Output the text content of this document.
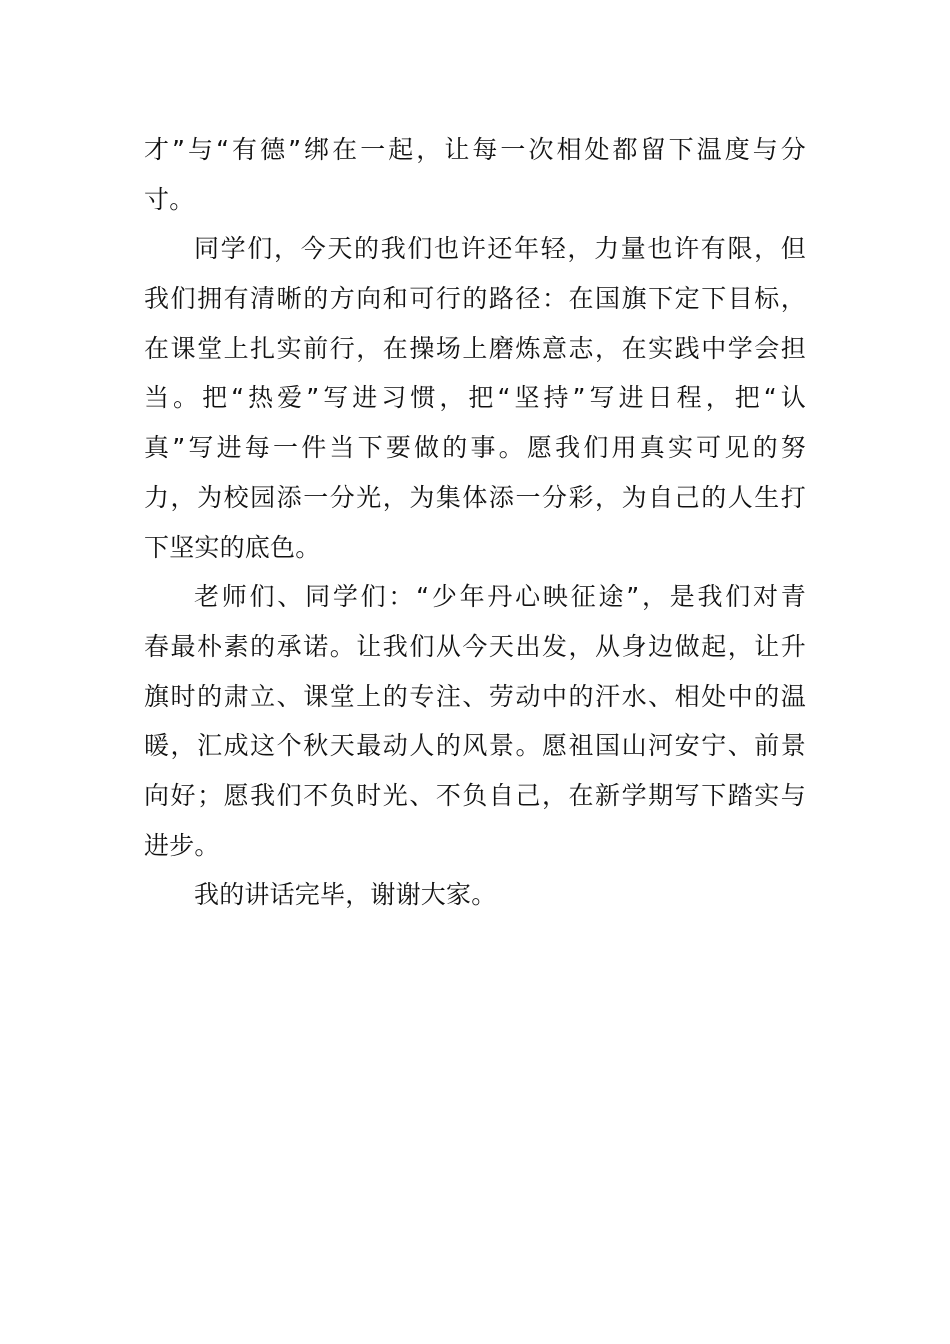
才”与“有德”绑在一起，让每一次相处都留下温度与分
寸。
同学们，今天的我们也许还年轻，力量也许有限，但
我们拥有清晰的方向和可行的路径：在国旗下定下目标，
在课堂上扎实前行，在操场上磨炼意志，在实践中学会担
当。把“热爱”写进习惯，把“坚持”写进日程，把“认
真”写进每一件当下要做的事。愿我们用真实可见的努
力，为校园添一分光，为集体添一分彩，为自己的人生打
下坚实的底色。
老师们、同学们：“少年丹心映征途”，是我们对青
春最朴素的承诺。让我们从今天出发，从身边做起，让升
旗时的肃立、课堂上的专注、劳动中的汗水、相处中的温
暖，汇成这个秋天最动人的风景。愿祖国山河安宁、前景
向好；愿我们不负时光、不负自己，在新学期写下踏实与
进步。
我的讲话完毕，谢谢大家。
